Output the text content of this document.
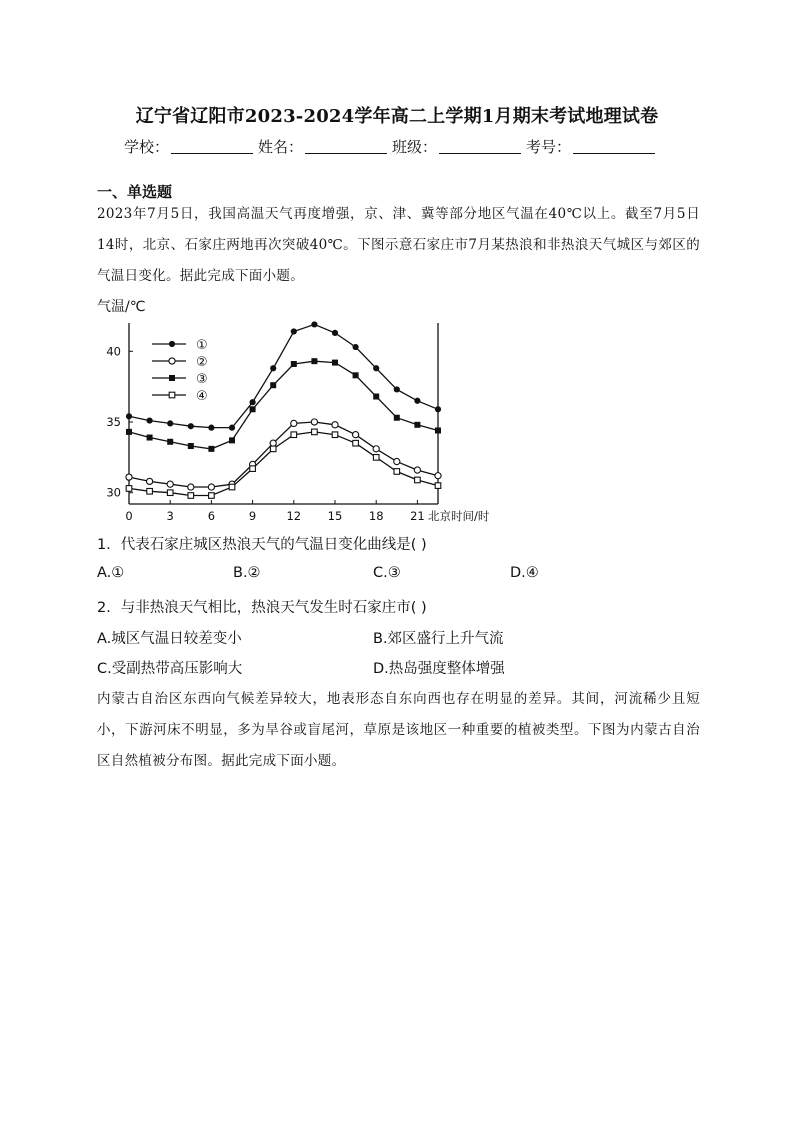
辽宁省辽阳市2023-2024学年高二上学期1月期末考试地理试卷
学校：	姓名：	班级：	考号：
一、单选题
2023年7月5日，我国高温天气再度增强，京、津、冀等部分地区气温在40℃以上。截至7月5日14时，北京、石家庄两地再次突破40℃。下图示意石家庄市7月某热浪和非热浪天气城区与郊区的气温日变化。据此完成下面小题。
气温/℃
30
35
40
0	3	6	9	12 15 18 21
①
②
③
④
北京时间/时
1．代表石家庄城区热浪天气的气温日变化曲线是( )
A.①	B.②	C.③	D.④
2．与非热浪天气相比，热浪天气发生时石家庄市( )
A.城区气温日较差变小	B.郊区盛行上升气流
C.受副热带高压影响大	D.热岛强度整体增强
内蒙古自治区东西向气候差异较大，地表形态自东向西也存在明显的差异。其间，河流稀少且短小，下游河床不明显，多为旱谷或盲尾河，草原是该地区一种重要的植被类型。下图为内蒙古自治区自然植被分布图。据此完成下面小题。
